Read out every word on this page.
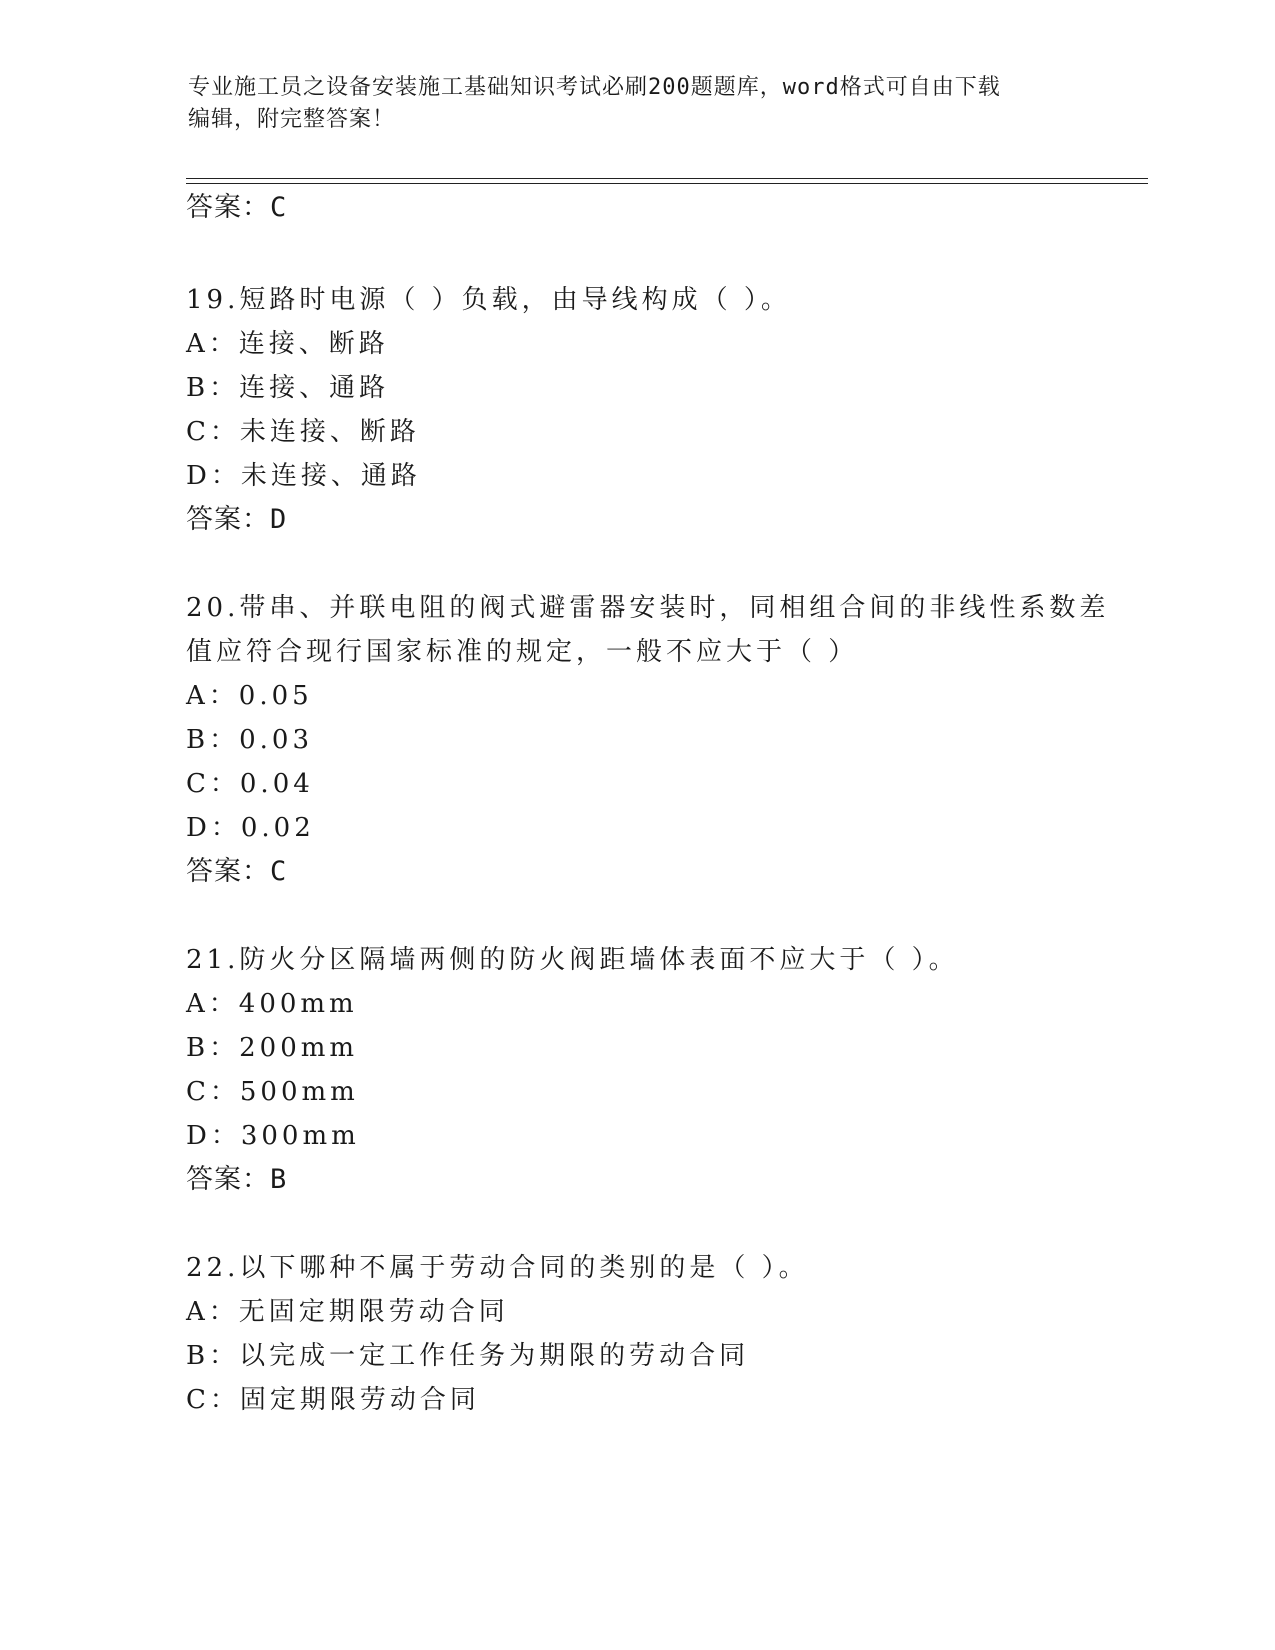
专业施工员之设备安装施工基础知识考试必刷200题题库，word格式可自由下载
编辑，附完整答案！
答案：C
19.短路时电源（ ）负载，由导线构成（ ）。
A：连接、断路
B：连接、通路
C：未连接、断路
D：未连接、通路
答案：D
20.带串、并联电阻的阀式避雷器安装时，同相组合间的非线性系数差
值应符合现行国家标准的规定，一般不应大于（ ）
A：0.05
B：0.03
C：0.04
D：0.02
答案：C
21.防火分区隔墙两侧的防火阀距墙体表面不应大于（ ）。
A：400mm
B：200mm
C：500mm
D：300mm
答案：B
22.以下哪种不属于劳动合同的类别的是（ ）。
A：无固定期限劳动合同
B：以完成一定工作任务为期限的劳动合同
C：固定期限劳动合同
